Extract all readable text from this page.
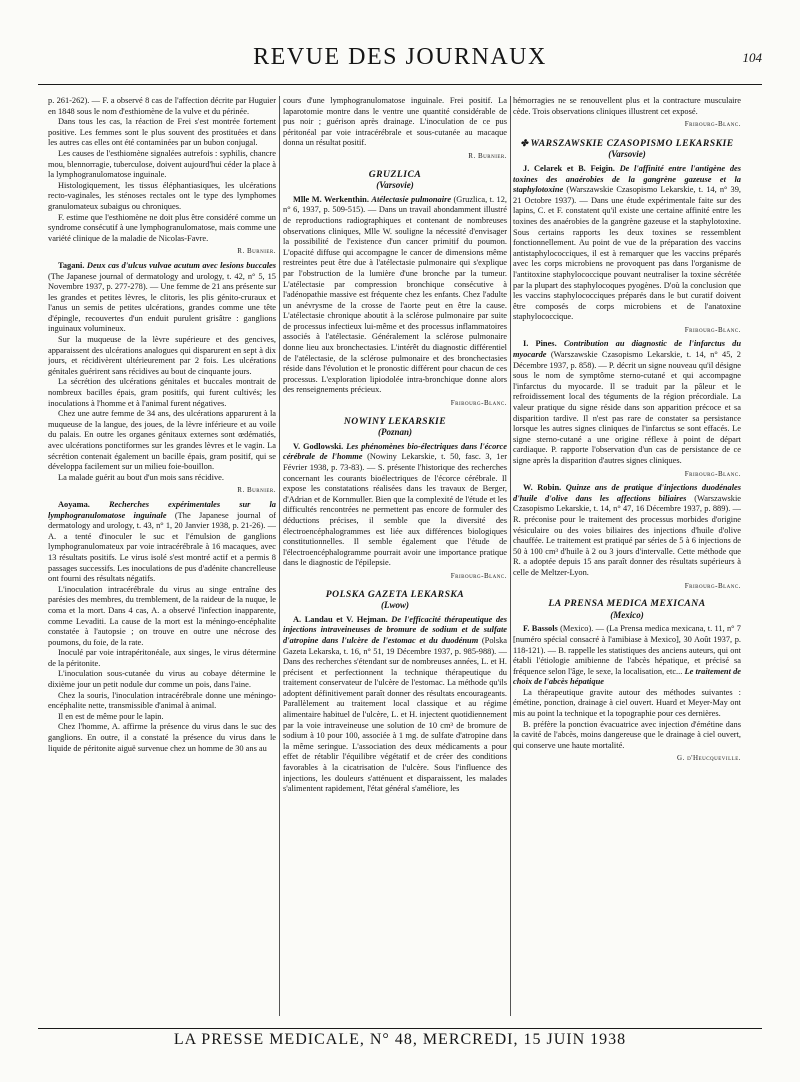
REVUE DES JOURNAUX	104

p. 261-262). — F. a observé 8 cas de l'affection décrite par Huguier en 1848 sous le nom d'esthiomène de la vulve et du périnée.

Dans tous les cas, la réaction de Frei s'est montrée fortement positive. Les femmes sont le plus souvent des prostituées et dans les autres cas elles ont été contaminées par un bubon conjugal.

Les causes de l'esthiomène signalées autrefois : syphilis, chancre mou, blennorragie, tuberculose, doivent aujourd'hui céder la place à la lymphogranulomatose inguinale.

Histologiquement, les tissus éléphantiasiques, les ulcérations recto-vaginales, les sténoses rectales ont le type des lymphomes granulomateux subaigus ou chroniques.

F. estime que l'esthiomène ne doit plus être considéré comme un syndrome consécutif à une lymphogranulomatose, mais comme une variété clinique de la maladie de Nicolas-Favre.

R. Burnier.

Tagani. Deux cas d'ulcus vulvae acutum avec lesions buccales (The Japanese journal of dermatology and urology, t. 42, n° 5, 15 Novembre 1937, p. 277-278). — Une femme de 21 ans présente sur les grandes et petites lèvres, le clitoris, les plis génito-cruraux et l'anus un semis de petites ulcérations, grandes comme une tête d'épingle, recouvertes d'un enduit purulent grisâtre : ganglions inguinaux volumineux.

Sur la muqueuse de la lèvre supérieure et des gencives, apparaissent des ulcérations analogues qui disparurent en sept à dix jours, et récidivèrent ultérieurement par 2 fois. Les ulcérations génitales guérirent sans récidives au bout de cinquante jours.

La sécrétion des ulcérations génitales et buccales montrait de nombreux bacilles épais, gram positifs, qui furent cultivés; les inoculations à l'homme et à l'animal furent négatives.

Chez une autre femme de 34 ans, des ulcérations apparurent à la muqueuse de la langue, des joues, de la lèvre inférieure et au voile du palais. En outre les organes génitaux externes sont œdématiés, avec ulcérations ponctiformes sur les grandes lèvres et le vagin. La sécrétion contenait également un bacille épais, gram positif, qui se développa facilement sur un milieu foie-bouillon.

La malade guérit au bout d'un mois sans récidive.

R. Burnier.

Aoyama. Recherches expérimentales sur la lymphogranulomatose inguinale (The Japanese journal of dermatology and urology, t. 43, n° 1, 20 Janvier 1938, p. 21-26). — A. a tenté d'inoculer le suc et l'émulsion de ganglions lymphogranulomateux par voie intracérébrale à 16 macaques, avec 13 résultats positifs. Le virus isolé s'est montré actif et a permis 8 passages successifs. Les inoculations de pus d'adénite chancrelleuse ont fourni des résultats négatifs.

L'inoculation intracérébrale du virus au singe entraîne des parésies des membres, du tremblement, de la raideur de la nuque, le coma et la mort. Dans 4 cas, A. a observé l'infection inapparente, comme Levaditi. La cause de la mort est la méningo-encéphalite constatée à l'autopsie ; on trouve en outre une nécrose des poumons, du foie, de la rate.

Inoculé par voie intrapéritonéale, aux singes, le virus détermine de la péritonite.

L'inoculation sous-cutanée du virus au cobaye détermine le dixième jour un petit nodule dur comme un pois, dans l'aine.

Chez la souris, l'inoculation intracérébrale donne une méningo-encéphalite nette, transmissible d'animal à animal.

Il en est de même pour le lapin.

Chez l'homme, A. affirme la présence du virus dans le suc des ganglions. En outre, il a constaté la présence du virus dans le liquide de péritonite aiguë survenue chez un homme de 30 ans au

cours d'une lymphogranulomatose inguinale. Frei positif. La laparotomie montre dans le ventre une quantité considérable de pus noir ; guérison après drainage. L'inoculation de ce pus péritonéal par voie intracérébrale et sous-cutanée au macaque donna un résultat positif.

R. Burnier.
GRUZLICA
(Varsovie)

Mlle M. Werkenthin. Atélectasie pulmonaire (Gruzlica, t. 12, n° 6, 1937, p. 509-515). — Dans un travail abondamment illustré de reproductions radiographiques et contenant de nombreuses observations cliniques, Mlle W. souligne la nécessité d'envisager la possibilité de l'existence d'un cancer primitif du poumon. L'opacité diffuse qui accompagne le cancer de dimensions même restreintes peut être due à l'atélectasie pulmonaire qui s'explique par l'obstruction de la lumière d'une bronche par la tumeur. L'atélectasie par compression bronchique consécutive à l'adénopathie massive est fréquente chez les enfants. Chez l'adulte un anévrysme de la crosse de l'aorte peut en être la cause. L'atélectasie chronique aboutit à la sclérose pulmonaire par suite de processus infectieux lui-même et des processus inflammatoires associés à l'atélectasie. Généralement la sclérose pulmonaire donne lieu aux bronchectasies. L'intérêt du diagnostic différentiel de l'atélectasie, de la sclérose pulmonaire et des bronchectasies réside dans l'évolution et le pronostic différent pour chacun de ces processus. L'exploration lipiodolée intra-bronchique donne alors des renseignements précieux.

Fribourg-Blanc.
NOWINY LEKARSKIE
(Poznan)

V. Godlowski. Les phénomènes bio-électriques dans l'écorce cérébrale de l'homme (Nowiny Lekarskie, t. 50, fasc. 3, 1er Février 1938, p. 73-83). — S. présente l'historique des recherches concernant les courants bioélectriques de l'écorce cérébrale. Il expose les constatations réalisées dans les travaux de Berger, d'Adrian et de Kornmuller. Bien que la complexité de l'étude et les difficultés rencontrées ne permettent pas encore de formuler des déductions précises, il semble que la diversité des électroencéphalogrammes est liée aux différences biologiques constitutionnelles. Il semble également que l'étude de l'électroencéphalogramme pourrait avoir une importance pratique dans le diagnostic de l'épilepsie.

Fribourg-Blanc.
POLSKA GAZETA LEKARSKA
(Lwow)

A. Landau et V. Hejman. De l'efficacité thérapeutique des injections intraveineuses de bromure de sodium et de sulfate d'atropine dans l'ulcère de l'estomac et du duodénum (Polska Gazeta Lekarska, t. 16, n° 51, 19 Décembre 1937, p. 985-988). — Dans des recherches s'étendant sur de nombreuses années, L. et H. précisent et perfectionnent la technique thérapeutique du traitement conservateur de l'ulcère de l'estomac. La méthode qu'ils adoptent définitivement paraît donner des résultats encourageants. Parallèlement au traitement local classique et au régime alimentaire habituel de l'ulcère, L. et H. injectent quotidiennement par la voie intraveineuse une solution de 10 cm³ de bromure de sodium à 10 pour 100, associée à 1 mg. de sulfate d'atropine dans la même seringue. L'association des deux médicaments a pour effet de rétablir l'équilibre végétatif et de créer des conditions favorables à la cicatrisation de l'ulcère. Sous l'influence des injections, les douleurs s'atténuent et disparaissent, les malades s'alimentent rapidement, l'état général s'améliore, les

hémorragies ne se renouvellent plus et la contracture musculaire cède. Trois observations cliniques illustrent cet exposé.

Fribourg-Blanc.
✤ WARSZAWSKIE CZASOPISMO LEKARSKIE
(Varsovie)

J. Celarek et B. Feigin. De l'affinité entre l'antigène des toxines des anaérobies de la gangrène gazeuse et la staphylotoxine (Warszawskie Czasopismo Lekarskie, t. 14, n° 39, 21 Octobre 1937). — Dans une étude expérimentale faite sur des lapins, C. et F. constatent qu'il existe une certaine affinité entre les toxines des anaérobies de la gangrène gazeuse et la staphylotoxine. Sous certains rapports les deux toxines se ressemblent fonctionnellement. Au point de vue de la préparation des vaccins antistaphylococciques, il est à remarquer que les vaccins préparés avec les corps microbiens ne provoquent pas dans l'organisme de l'antitoxine staphylococcique pouvant neutraliser la toxine sécrétée par la plupart des staphylocoques pyogènes. D'où la conclusion que les vaccins staphylococciques préparés dans le but curatif doivent être composés de corps microbiens et de l'anatoxine staphylococcique.

Fribourg-Blanc.

I. Pines. Contribution au diagnostic de l'infarctus du myocarde (Warszawskie Czasopismo Lekarskie, t. 14, n° 45, 2 Décembre 1937, p. 858). — P. décrit un signe nouveau qu'il désigne sous le nom de symptôme sterno-cutané et qui accompagne l'infarctus du myocarde. Il se traduit par la pâleur et le refroidissement local des téguments de la région précordiale. La valeur pratique du signe réside dans son apparition précoce et sa disparition tardive. Il n'est pas rare de constater sa persistance lorsque les autres signes cliniques de l'infarctus se sont effacés. Le signe sterno-cutané a une origine réflexe à point de départ cardiaque. P. rapporte l'observation d'un cas de persistance de ce signe après la disparition d'autres signes cliniques.

Fribourg-Blanc.

W. Robin. Quinze ans de pratique d'injections duodénales d'huile d'olive dans les affections biliaires (Warszawskie Czasopismo Lekarskie, t. 14, n° 47, 16 Décembre 1937, p. 889). — R. préconise pour le traitement des processus morbides d'origine vésiculaire ou des voies biliaires des injections d'huile d'olive chauffée. Le traitement est pratiqué par séries de 5 à 6 injections de 50 à 100 cm³ d'huile à 2 ou 3 jours d'intervalle. Cette méthode que R. a adoptée depuis 15 ans paraît donner des résultats supérieurs à celle de Meltzer-Lyon.

Fribourg-Blanc.
LA PRENSA MEDICA MEXICANA
(Mexico)

F. Bassols (Mexico). — (La Prensa medica mexicana, t. 11, n° 7 [numéro spécial consacré à l'amibiase à Mexico], 30 Août 1937, p. 118-121). — B. rappelle les statistiques des anciens auteurs, qui ont établi l'étiologie amibienne de l'abcès hépatique, et précisé sa fréquence selon l'âge, le sexe, la localisation, etc... Le traitement de choix de l'abcès hépatique

La thérapeutique gravite autour des méthodes suivantes : émétine, ponction, drainage à ciel ouvert. Huard et Meyer-May ont mis au point la technique et la topographie pour ces dernières.

B. préfère la ponction évacuatrice avec injection d'émétine dans la cavité de l'abcès, moins dangereuse que le drainage à ciel ouvert, qui conserve une haute mortalité.

G. d'Heucqueville.
LA PRESSE MEDICALE, N° 48, MERCREDI, 15 JUIN 1938
